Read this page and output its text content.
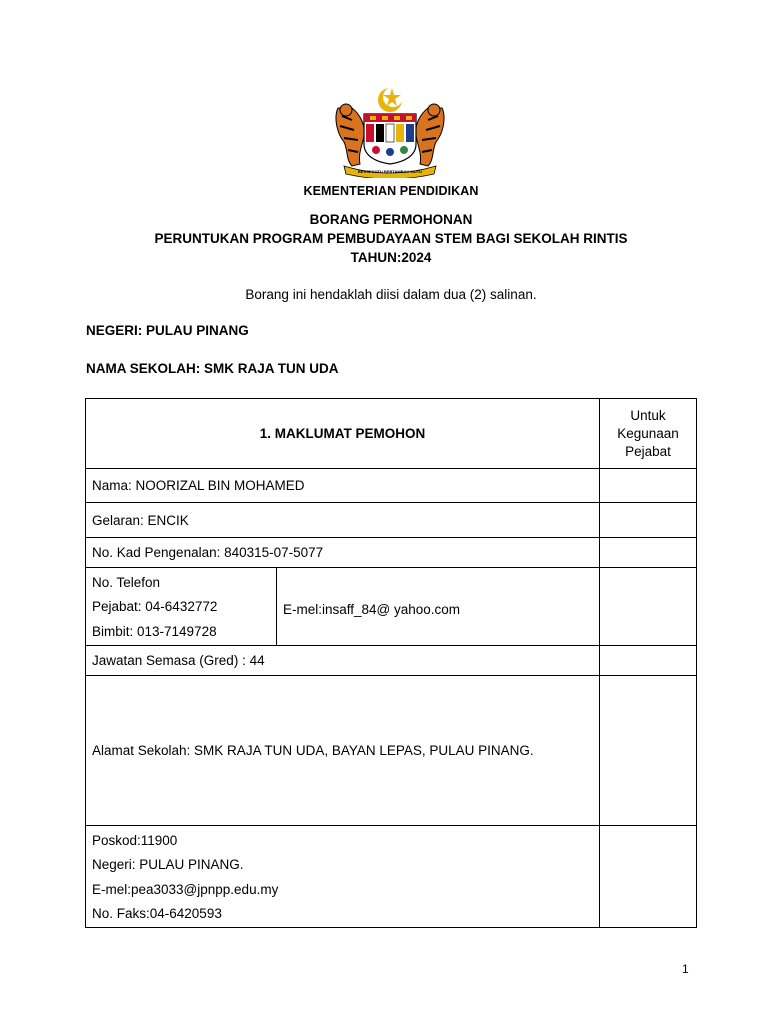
BERSEKUTU BERTAMBAH MUTU
KEMENTERIAN PENDIDIKAN
BORANG PERMOHONAN
PERUNTUKAN PROGRAM PEMBUDAYAAN STEM BAGI SEKOLAH RINTIS
TAHUN:2024
Borang ini hendaklah diisi dalam dua (2) salinan.
NEGERI: PULAU PINANG
NAMA SEKOLAH: SMK RAJA TUN UDA
1. MAKLUMAT PEMOHON		Untuk
Kegunaan
Pejabat

Nama: NOORIZAL BIN MOHAMED		
Gelaran: ENCIK		
No. Kad Pengenalan: 840315-07-5077		

No. Telefon
Pejabat: 04-6432772
Bimbit: 013-7149728	E-mel:insaff_84@ yahoo.com	
Jawatan Semasa (Gred) : 44		
Alamat Sekolah: SMK RAJA TUN UDA, BAYAN LEPAS, PULAU PINANG.		

Poskod:11900
Negeri: PULAU PINANG.
E-mel:pea3033@jpnpp.edu.my
No. Faks:04-6420593		

1
